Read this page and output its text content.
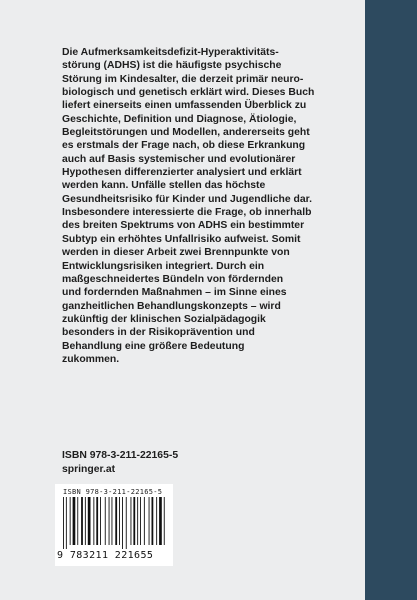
Die Aufmerksamkeitsdefizit-Hyperaktivitäts-
störung (ADHS) ist die häufigste psychische
Störung im Kindesalter, die derzeit primär neuro-
biologisch und genetisch erklärt wird. Dieses Buch
liefert einerseits einen umfassenden Überblick zu
Geschichte, Definition und Diagnose, Ätiologie,
Begleitstörungen und Modellen, andererseits geht
es erstmals der Frage nach, ob diese Erkrankung
auch auf Basis systemischer und evolutionärer
Hypothesen differenzierter analysiert und erklärt
werden kann. Unfälle stellen das höchste
Gesundheitsrisiko für Kinder und Jugendliche dar.
Insbesondere interessierte die Frage, ob innerhalb
des breiten Spektrums von ADHS ein bestimmter
Subtyp ein erhöhtes Unfallrisiko aufweist. Somit
werden in dieser Arbeit zwei Brennpunkte von
Entwicklungsrisiken integriert. Durch ein
maßgeschneidertes Bündeln von fördernden
und fordernden Maßnahmen – im Sinne eines
ganzheitlichen Behandlungskonzepts – wird
zukünftig der klinischen Sozialpädagogik
besonders in der Risikoprävention und
Behandlung eine größere Bedeutung
zukommen.

ISBN 978-3-211-22165-5

springer.at

ISBN 978-3-211-22165-5

9 783211 221655
